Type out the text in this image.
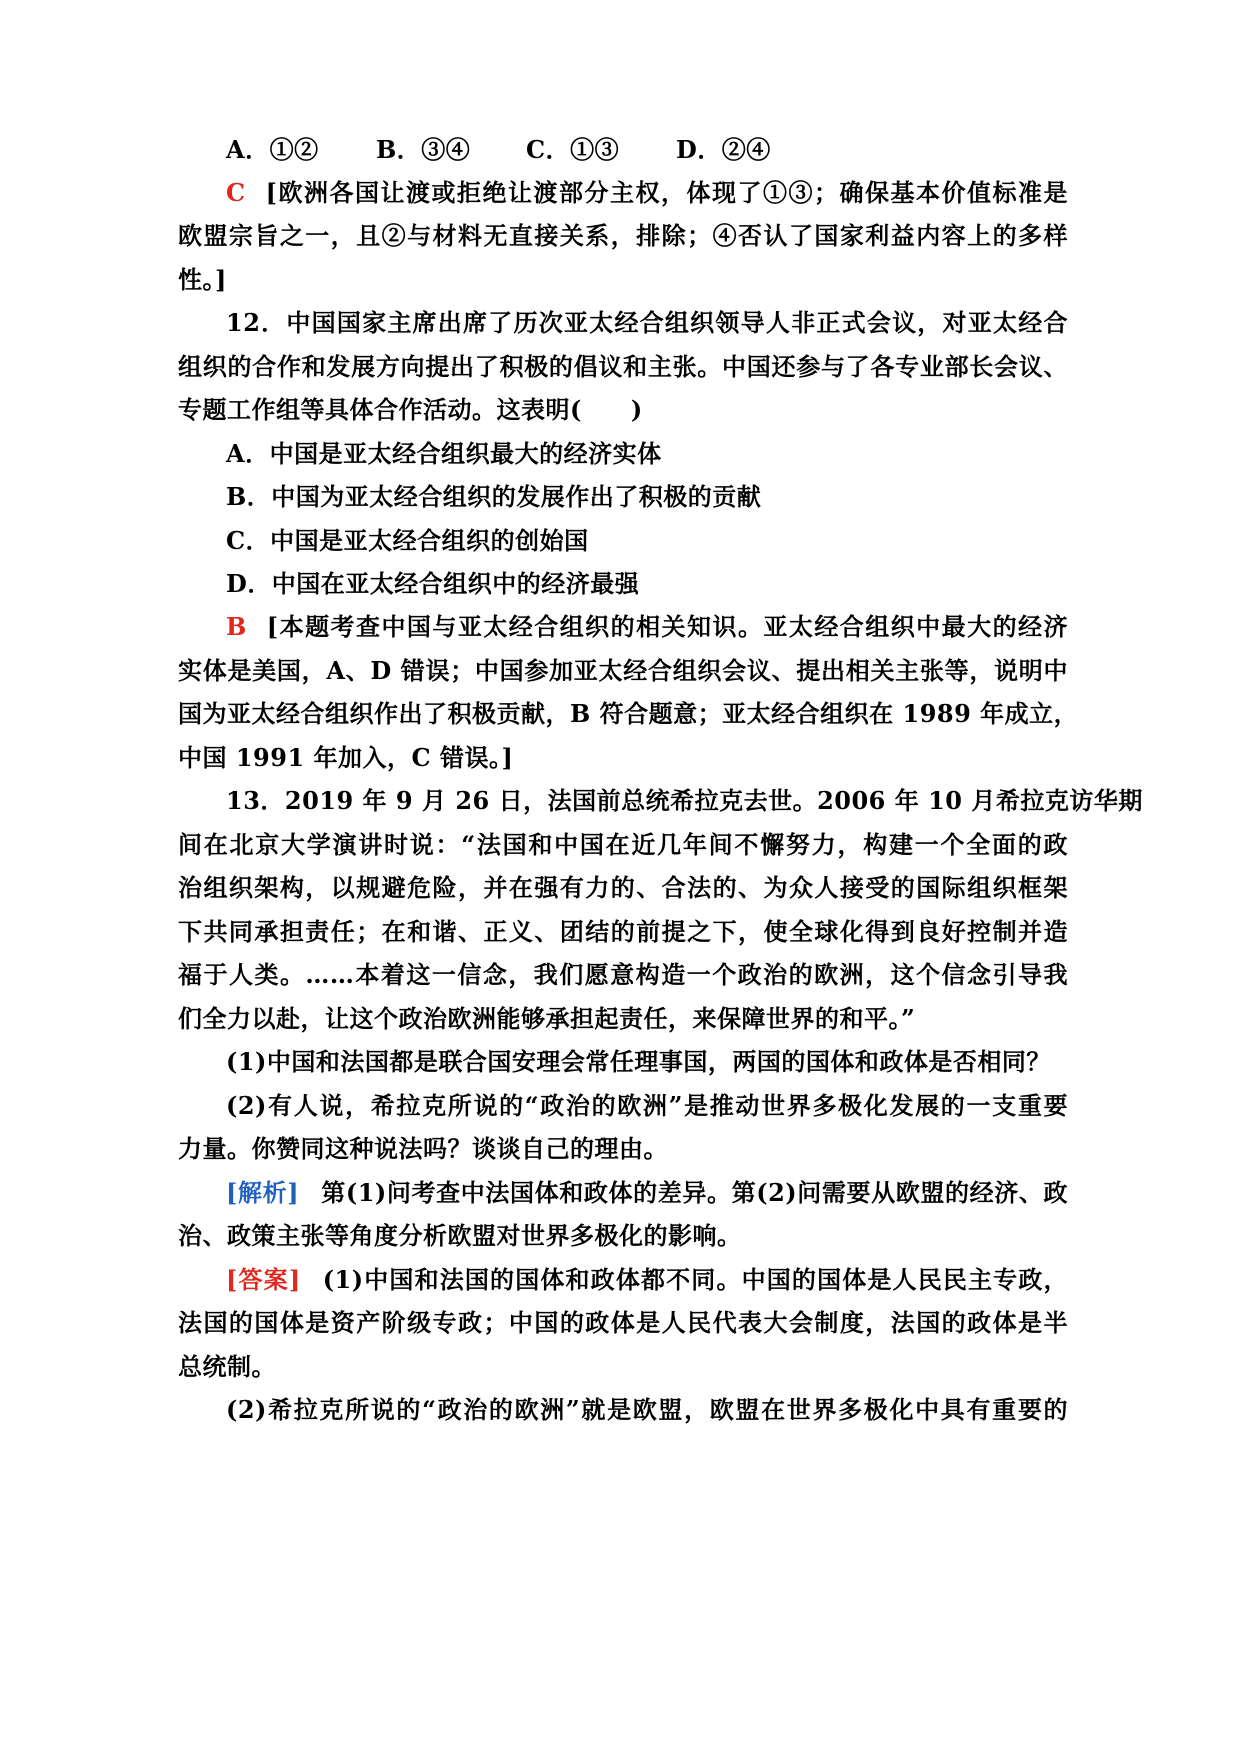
A．①② B．③④ C．①③ D．②④
C [欧洲各国让渡或拒绝让渡部分主权，体现了①③；确保基本价值标准是
欧盟宗旨之一，且②与材料无直接关系，排除；④否认了国家利益内容上的多样
性。]
12．中国国家主席出席了历次亚太经合组织领导人非正式会议，对亚太经合
组织的合作和发展方向提出了积极的倡议和主张。中国还参与了各专业部长会议、
专题工作组等具体合作活动。这表明(　　)
A．中国是亚太经合组织最大的经济实体
B．中国为亚太经合组织的发展作出了积极的贡献
C．中国是亚太经合组织的创始国
D．中国在亚太经合组织中的经济最强
B [本题考查中国与亚太经合组织的相关知识。亚太经合组织中最大的经济
实体是美国，A、D 错误；中国参加亚太经合组织会议、提出相关主张等，说明中
国为亚太经合组织作出了积极贡献，B 符合题意；亚太经合组织在 1989 年成立，
中国 1991 年加入，C 错误。]
13．2019 年 9 月 26 日，法国前总统希拉克去世。2006 年 10 月希拉克访华期
间在北京大学演讲时说：“法国和中国在近几年间不懈努力，构建一个全面的政
治组织架构，以规避危险，并在强有力的、合法的、为众人接受的国际组织框架
下共同承担责任；在和谐、正义、团结的前提之下，使全球化得到良好控制并造
福于人类。……本着这一信念，我们愿意构造一个政治的欧洲，这个信念引导我
们全力以赴，让这个政治欧洲能够承担起责任，来保障世界的和平。”
(1)中国和法国都是联合国安理会常任理事国，两国的国体和政体是否相同？
(2)有人说，希拉克所说的“政治的欧洲”是推动世界多极化发展的一支重要
力量。你赞同这种说法吗？谈谈自己的理由。
[解析] 第(1)问考查中法国体和政体的差异。第(2)问需要从欧盟的经济、政
治、政策主张等角度分析欧盟对世界多极化的影响。
[答案] (1)中国和法国的国体和政体都不同。中国的国体是人民民主专政，
法国的国体是资产阶级专政；中国的政体是人民代表大会制度，法国的政体是半
总统制。
(2)希拉克所说的“政治的欧洲”就是欧盟，欧盟在世界多极化中具有重要的
